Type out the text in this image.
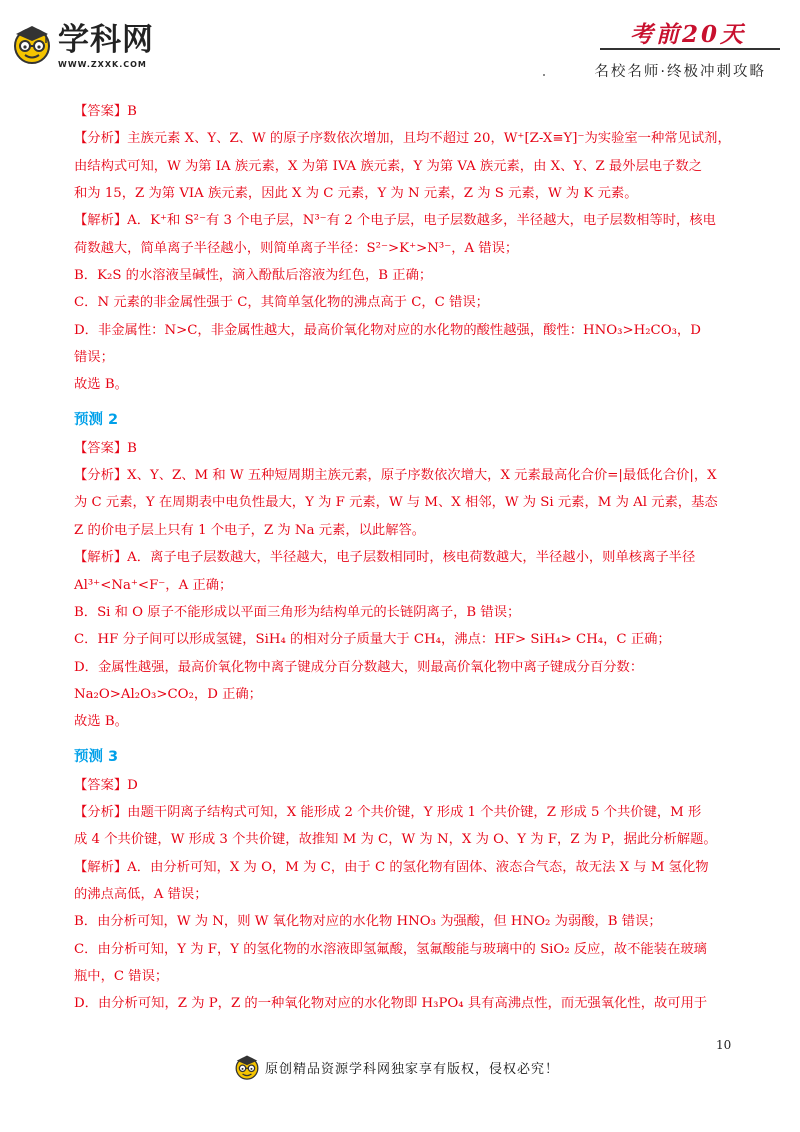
学科网
WWW.ZXXK.COM
考前20天
名校名师·终极冲刺攻略
【答案】B
【分析】主族元素 X、Y、Z、W 的原子序数依次增加，且均不超过 20，W⁺[Z-X≡Y]⁻为实验室一种常见试剂，
由结构式可知，W 为第 IA 族元素，X 为第 IVA 族元素，Y 为第 VA 族元素，由 X、Y、Z 最外层电子数之
和为 15，Z 为第 VIA 族元素，因此 X 为 C 元素，Y 为 N 元素，Z 为 S 元素，W 为 K 元素。
【解析】A．K⁺和 S²⁻有 3 个电子层，N³⁻有 2 个电子层，电子层数越多，半径越大，电子层数相等时，核电
荷数越大，简单离子半径越小，则简单离子半径：S²⁻>K⁺>N³⁻，A 错误；
B．K₂S 的水溶液呈碱性，滴入酚酞后溶液为红色，B 正确；
C．N 元素的非金属性强于 C，其简单氢化物的沸点高于 C，C 错误；
D．非金属性：N>C，非金属性越大，最高价氧化物对应的水化物的酸性越强，酸性：HNO₃>H₂CO₃，D
错误；
故选 B。
预测 2
【答案】B
【分析】X、Y、Z、M 和 W 五种短周期主族元素，原子序数依次增大，X 元素最高化合价=|最低化合价|，X
为 C 元素，Y 在周期表中电负性最大，Y 为 F 元素，W 与 M、X 相邻，W 为 Si 元素，M 为 Al 元素，基态
Z 的价电子层上只有 1 个电子，Z 为 Na 元素，以此解答。
【解析】A．离子电子层数越大，半径越大，电子层数相同时，核电荷数越大，半径越小，则单核离子半径
Al³⁺<Na⁺<F⁻，A 正确；
B．Si 和 O 原子不能形成以平面三角形为结构单元的长链阴离子，B 错误；
C．HF 分子间可以形成氢键，SiH₄ 的相对分子质量大于 CH₄，沸点：HF> SiH₄> CH₄，C 正确；
D．金属性越强，最高价氧化物中离子键成分百分数越大，则最高价氧化物中离子键成分百分数：
Na₂O>Al₂O₃>CO₂，D 正确；
故选 B。
预测 3
【答案】D
【分析】由题干阴离子结构式可知，X 能形成 2 个共价键，Y 形成 1 个共价键，Z 形成 5 个共价键，M 形
成 4 个共价键，W 形成 3 个共价键，故推知 M 为 C，W 为 N，X 为 O、Y 为 F，Z 为 P，据此分析解题。
【解析】A．由分析可知，X 为 O，M 为 C，由于 C 的氢化物有固体、液态合气态，故无法 X 与 M 氢化物
的沸点高低，A 错误；
B．由分析可知，W 为 N，则 W 氧化物对应的水化物 HNO₃ 为强酸，但 HNO₂ 为弱酸，B 错误；
C．由分析可知，Y 为 F，Y 的氢化物的水溶液即氢氟酸，氢氟酸能与玻璃中的 SiO₂ 反应，故不能装在玻璃
瓶中，C 错误；
D．由分析可知，Z 为 P，Z 的一种氧化物对应的水化物即 H₃PO₄ 具有高沸点性，而无强氧化性，故可用于
10
原创精品资源学科网独家享有版权，侵权必究！
